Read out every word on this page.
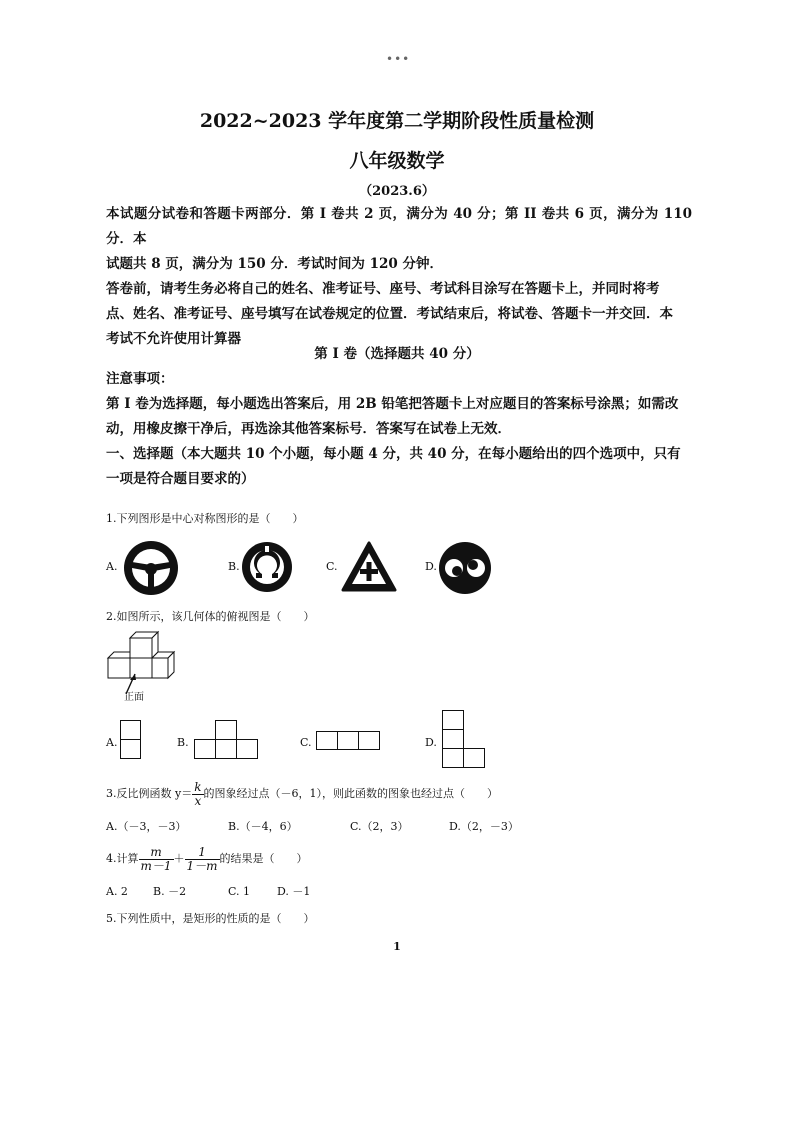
•••
2022~2023 学年度第二学期阶段性质量检测
八年级数学
（2023.6）
本试题分试卷和答题卡两部分．第 I 卷共 2 页，满分为 40 分；第 II 卷共 6 页，满分为 110 分．本
试题共 8 页，满分为 150 分．考试时间为 120 分钟．
答卷前，请考生务必将自己的姓名、准考证号、座号、考试科目涂写在答题卡上，并同时将考
点、姓名、准考证号、座号填写在试卷规定的位置．考试结束后，将试卷、答题卡一并交回．本
考试不允许使用计算器
第 I 卷（选择题共 40 分）
注意事项：
第 I 卷为选择题，每小题选出答案后，用 2B 铅笔把答题卡上对应题目的答案标号涂黑；如需改
动，用橡皮擦干净后，再选涂其他答案标号．答案写在试卷上无效．
一、选择题（本大题共 10 个小题，每小题 4 分，共 40 分，在每小题给出的四个选项中，只有
一项是符合题目要求的）
1.下列图形是中心对称图形的是（　　）
A.	B.	C.	D.
2.如图所示，该几何体的俯视图是（　　）
正面
A.	B.	C.	D.
3.反比例函数 $y= \frac{k}{x}$ 的图象经过点（－6，1），则此函数的图象也经过点（　　）
A.（－3，－3）	B.（－4，6）	C.（2，3）	D.（2，－3）
4.计算 $\frac{m}{m-1} + \frac{1}{1-m}$ 的结果是（　　）
A. 2 B. －2	C. 1 D. －1
5.下列性质中，是矩形的性质的是（　　）
1
